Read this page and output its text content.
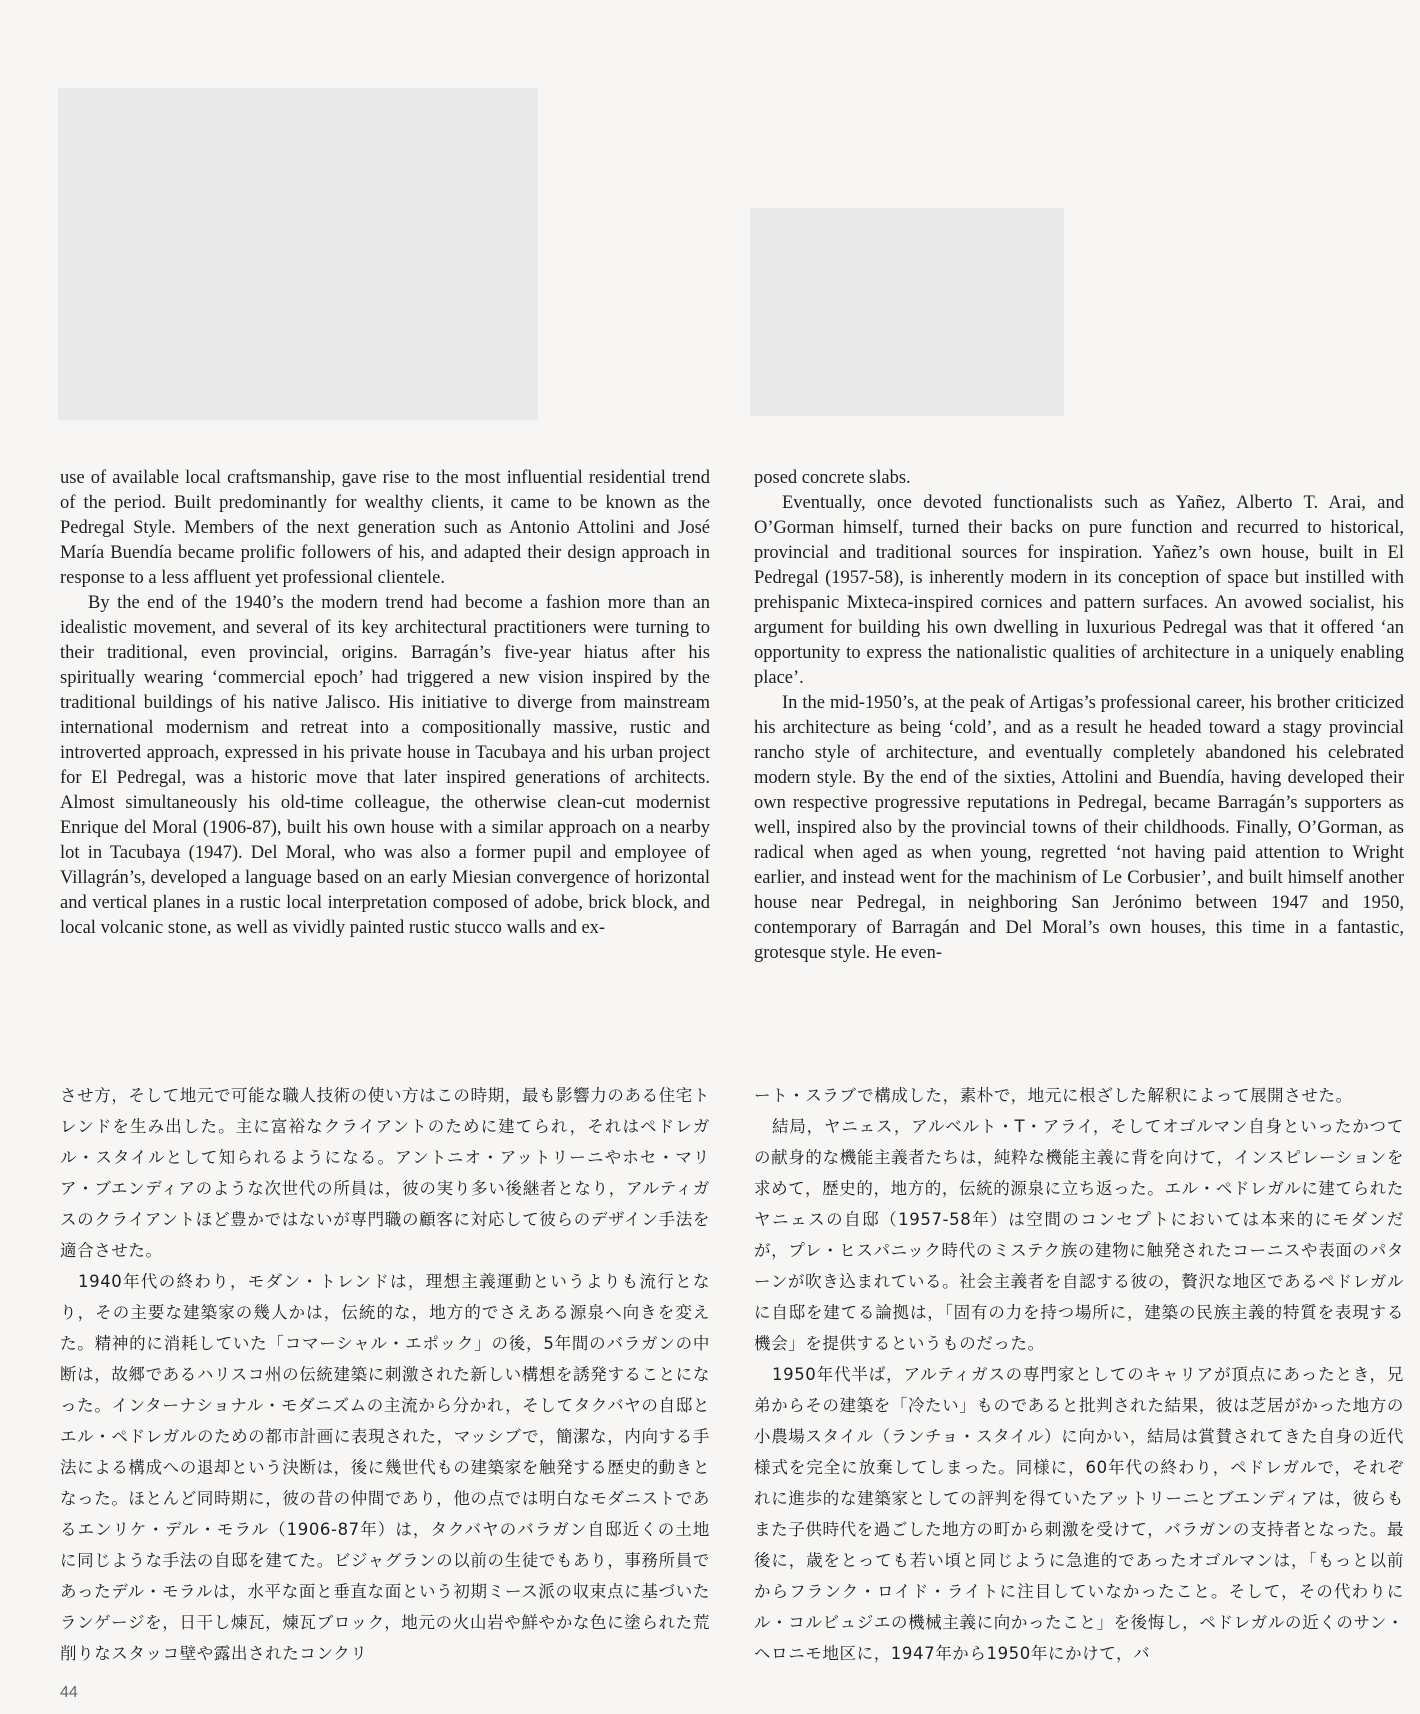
use of available local craftsmanship, gave rise to the most influential residential trend of the period. Built predominantly for wealthy clients, it came to be known as the Pedregal Style. Members of the next generation such as Antonio Attolini and José María Buendía became prolific followers of his, and adapted their design approach in response to a less affluent yet professional clientele.

By the end of the 1940’s the modern trend had become a fashion more than an idealistic movement, and several of its key architectural practitioners were turning to their traditional, even provincial, origins. Barragán’s five-year hiatus after his spiritually wearing ‘commercial epoch’ had triggered a new vision inspired by the traditional buildings of his native Jalisco. His initiative to diverge from mainstream international modernism and retreat into a compositionally massive, rustic and introverted approach, expressed in his private house in Tacubaya and his urban project for El Pedregal, was a historic move that later inspired generations of architects. Almost simultaneously his old-time colleague, the otherwise clean-cut modernist Enrique del Moral (1906-87), built his own house with a similar approach on a nearby lot in Tacubaya (1947). Del Moral, who was also a former pupil and employee of Villagrán’s, developed a language based on an early Miesian convergence of horizontal and vertical planes in a rustic local interpretation composed of adobe, brick block, and local volcanic stone, as well as vividly painted rustic stucco walls and ex-

posed concrete slabs.

Eventually, once devoted functionalists such as Yañez, Alberto T. Arai, and O’Gorman himself, turned their backs on pure function and recurred to historical, provincial and traditional sources for inspiration. Yañez’s own house, built in El Pedregal (1957-58), is inherently modern in its conception of space but instilled with prehispanic Mixteca-inspired cornices and pattern surfaces. An avowed socialist, his argument for building his own dwelling in luxurious Pedregal was that it offered ‘an opportunity to express the nationalistic qualities of architecture in a uniquely enabling place’.

In the mid-1950’s, at the peak of Artigas’s professional career, his brother criticized his architecture as being ‘cold’, and as a result he headed toward a stagy provincial rancho style of architecture, and eventually completely abandoned his celebrated modern style. By the end of the sixties, Attolini and Buendía, having developed their own respective progressive reputations in Pedregal, became Barragán’s supporters as well, inspired also by the provincial towns of their childhoods. Finally, O’Gorman, as radical when aged as when young, regretted ‘not having paid attention to Wright earlier, and instead went for the machinism of Le Corbusier’, and built himself another house near Pedregal, in neighboring San Jerónimo between 1947 and 1950, contemporary of Barragán and Del Moral’s own houses, this time in a fantastic, grotesque style. He even-

させ方，そして地元で可能な職人技術の使い方はこの時期，最も影響力のある住宅トレンドを生み出した。主に富裕なクライアントのために建てられ，それはペドレガル・スタイルとして知られるようになる。アントニオ・アットリーニやホセ・マリア・ブエンディアのような次世代の所員は，彼の実り多い後継者となり，アルティガスのクライアントほど豊かではないが専門職の顧客に対応して彼らのデザイン手法を適合させた。

1940年代の終わり，モダン・トレンドは，理想主義運動というよりも流行となり，その主要な建築家の幾人かは，伝統的な，地方的でさえある源泉へ向きを変えた。精神的に消耗していた「コマーシャル・エポック」の後，5年間のバラガンの中断は，故郷であるハリスコ州の伝統建築に刺激された新しい構想を誘発することになった。インターナショナル・モダニズムの主流から分かれ，そしてタクバヤの自邸とエル・ペドレガルのための都市計画に表現された，マッシブで，簡潔な，内向する手法による構成への退却という決断は，後に幾世代もの建築家を触発する歴史的動きとなった。ほとんど同時期に，彼の昔の仲間であり，他の点では明白なモダニストであるエンリケ・デル・モラル（1906-87年）は，タクバヤのバラガン自邸近くの土地に同じような手法の自邸を建てた。ビジャグランの以前の生徒でもあり，事務所員であったデル・モラルは，水平な面と垂直な面という初期ミース派の収束点に基づいたランゲージを，日干し煉瓦，煉瓦ブロック，地元の火山岩や鮮やかな色に塗られた荒削りなスタッコ壁や露出されたコンクリ

ート・スラブで構成した，素朴で，地元に根ざした解釈によって展開させた。

結局，ヤニェス，アルベルト・T・アライ，そしてオゴルマン自身といったかつての献身的な機能主義者たちは，純粋な機能主義に背を向けて，インスピレーションを求めて，歴史的，地方的，伝統的源泉に立ち返った。エル・ペドレガルに建てられたヤニェスの自邸（1957-58年）は空間のコンセプトにおいては本来的にモダンだが，プレ・ヒスパニック時代のミステク族の建物に触発されたコーニスや表面のパターンが吹き込まれている。社会主義者を自認する彼の，贅沢な地区であるペドレガルに自邸を建てる論拠は，「固有の力を持つ場所に，建築の民族主義的特質を表現する機会」を提供するというものだった。

1950年代半ば，アルティガスの専門家としてのキャリアが頂点にあったとき，兄弟からその建築を「冷たい」ものであると批判された結果，彼は芝居がかった地方の小農場スタイル（ランチョ・スタイル）に向かい，結局は賞賛されてきた自身の近代様式を完全に放棄してしまった。同様に，60年代の終わり，ペドレガルで，それぞれに進歩的な建築家としての評判を得ていたアットリーニとブエンディアは，彼らもまた子供時代を過ごした地方の町から刺激を受けて，バラガンの支持者となった。最後に，歳をとっても若い頃と同じように急進的であったオゴルマンは，「もっと以前からフランク・ロイド・ライトに注目していなかったこと。そして，その代わりにル・コルビュジエの機械主義に向かったこと」を後悔し，ペドレガルの近くのサン・ヘロニモ地区に，1947年から1950年にかけて，バ

44
